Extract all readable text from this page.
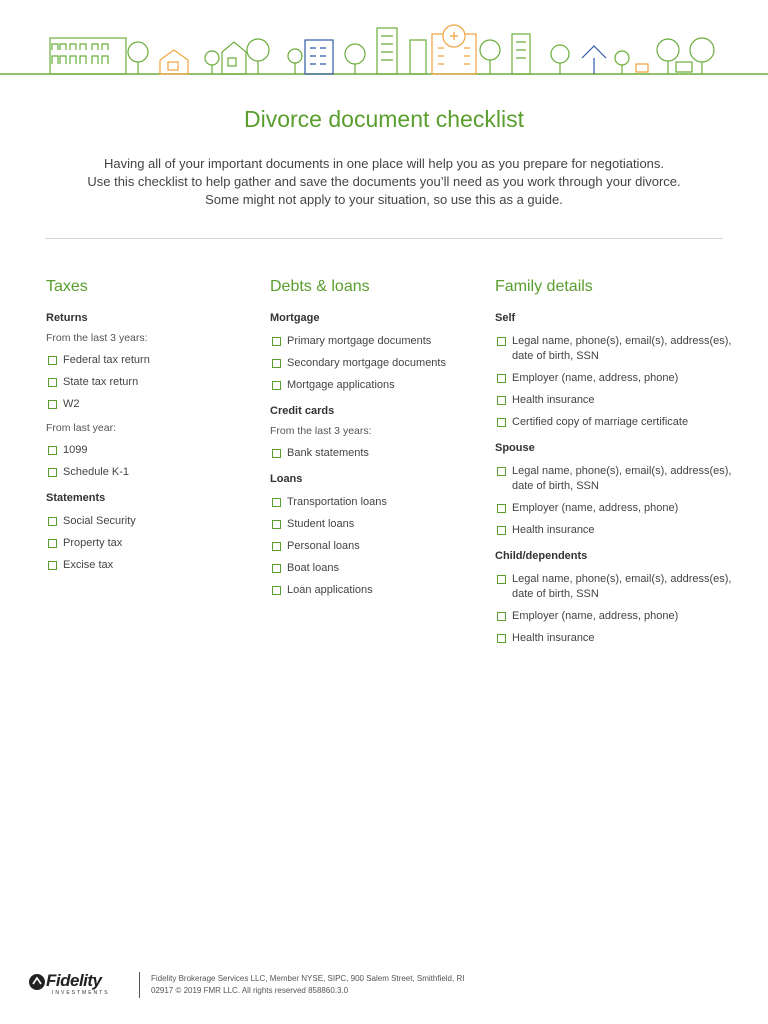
Divorce document checklist
Having all of your important documents in one place will help you as you prepare for negotiations.
Use this checklist to help gather and save the documents you’ll need as you work through your divorce.
Some might not apply to your situation, so use this as a guide.
Taxes
Returns
From the last 3 years:
Federal tax return
State tax return
W2
From last year:
1099
Schedule K-1
Statements
Social Security
Property tax
Excise tax
Debts & loans
Mortgage
Primary mortgage documents
Secondary mortgage documents
Mortgage applications
Credit cards
From the last 3 years:
Bank statements
Loans
Transportation loans
Student loans
Personal loans
Boat loans
Loan applications
Family details
Self
Legal name, phone(s), email(s), address(es), date of birth, SSN
Employer (name, address, phone)
Health insurance
Certified copy of marriage certificate
Spouse
Legal name, phone(s), email(s), address(es), date of birth, SSN
Employer (name, address, phone)
Health insurance
Child/dependents
Legal name, phone(s), email(s), address(es), date of birth, SSN
Employer (name, address, phone)
Health insurance
Fidelity
INVESTMENTS
Fidelity Brokerage Services LLC, Member NYSE, SIPC, 900 Salem Street, Smithfield, RI
02917 © 2019 FMR LLC. All rights reserved 858860.3.0
